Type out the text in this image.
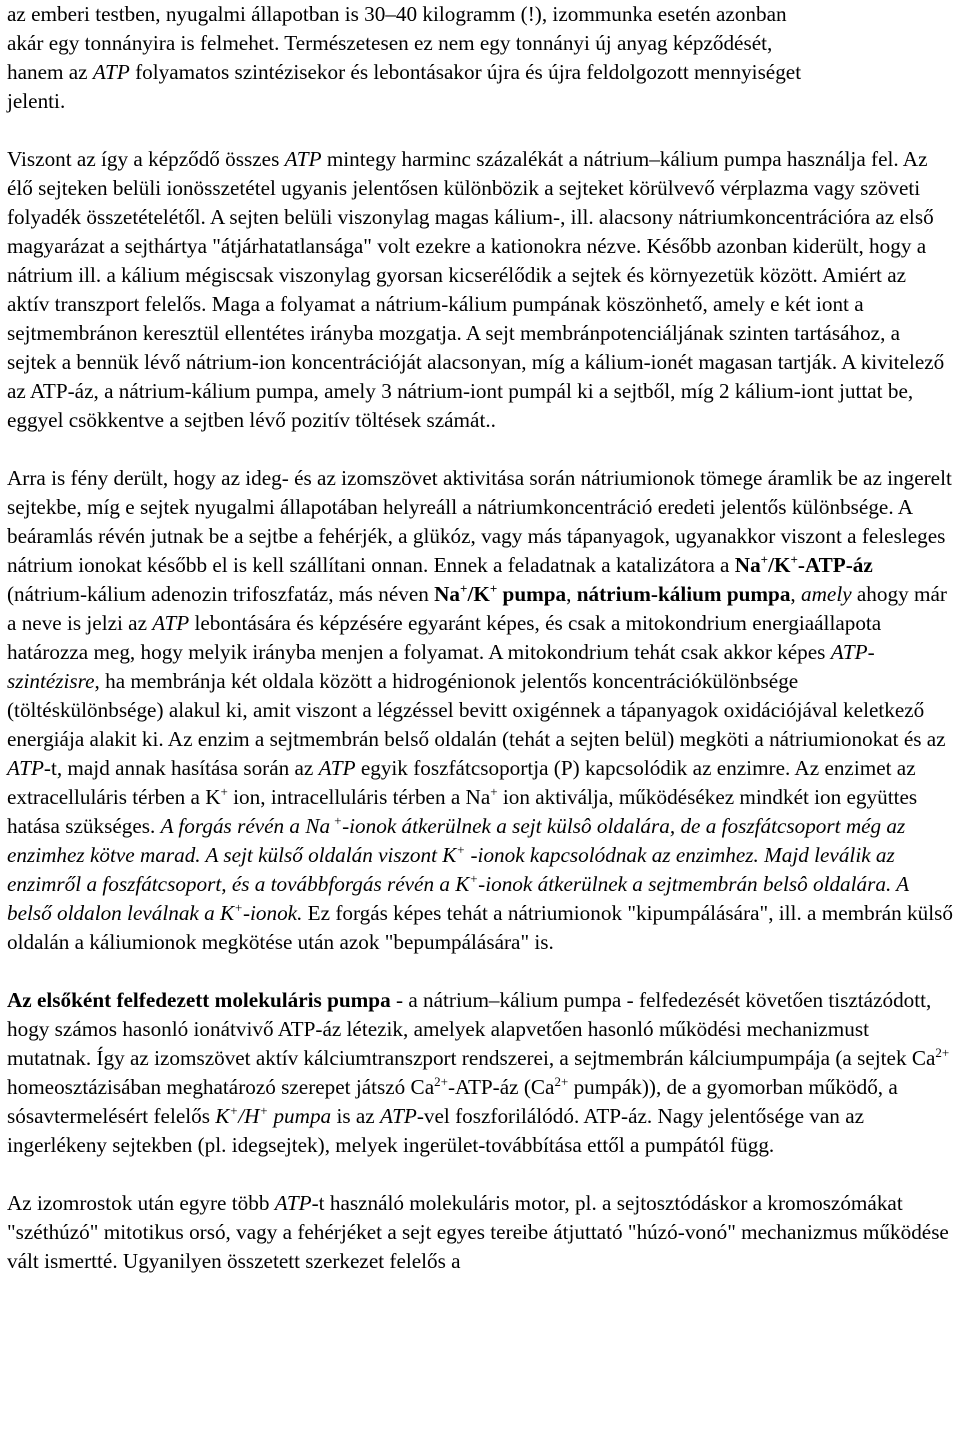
az emberi testben, nyugalmi állapotban is 30–40 kilogramm (!), izommunka esetén azonban
akár egy tonnányira is felmehet. Természetesen ez nem egy tonnányi új anyag képződését,
hanem az ATP folyamatos szintézisekor és lebontásakor újra és újra feldolgozott mennyiséget
jelenti.

Viszont az így a képződő összes ATP mintegy harminc százalékát a nátrium–kálium pumpa használja fel. Az élő sejteken belüli ionösszetétel ugyanis jelentősen különbözik a sejteket körülvevő vérplazma vagy szöveti folyadék összetételétől. A sejten belüli viszonylag magas kálium-, ill. alacsony nátriumkoncentrációra az első magyarázat a sejthártya "átjárhatatlansága" volt ezekre a kationokra nézve. Később azonban kiderült, hogy a nátrium ill. a kálium mégiscsak viszonylag gyorsan kicserélődik a sejtek és környezetük között. Amiért az aktív transzport felelős. Maga a folyamat a nátrium-kálium pumpának köszönhető, amely e két iont a sejtmembránon keresztül ellentétes irányba mozgatja. A sejt membránpotenciáljának szinten tartásához, a sejtek a bennük lévő nátrium-ion koncentrációját alacsonyan, míg a kálium-ionét magasan tartják. A kivitelező az ATP-áz, a nátrium-kálium pumpa, amely 3 nátrium-iont pumpál ki a sejtből, míg 2 kálium-iont juttat be, eggyel csökkentve a sejtben lévő pozitív töltések számát..

Arra is fény derült, hogy az ideg- és az izomszövet aktivitása során nátriumionok tömege áramlik be az ingerelt sejtekbe, míg e sejtek nyugalmi állapotában helyreáll a nátriumkoncentráció eredeti jelentős különbsége. A beáramlás révén jutnak be a sejtbe a fehérjék, a glükóz, vagy más tápanyagok, ugyanakkor viszont a felesleges nátrium ionokat később el is kell szállítani onnan. Ennek a feladatnak a katalizátora a Na+/K+-ATP-áz (nátrium-kálium adenozin trifoszfatáz, más néven Na+/K+ pumpa, nátrium-kálium pumpa, amely ahogy már a neve is jelzi az ATP lebontására és képzésére egyaránt képes, és csak a mitokondrium energiaállapota határozza meg, hogy melyik irányba menjen a folyamat. A mitokondrium tehát csak akkor képes ATP-szintézisre, ha membránja két oldala között a hidrogénionok jelentős koncentrációkülönbsége (töltéskülönbsége) alakul ki, amit viszont a légzéssel bevitt oxigénnek a tápanyagok oxidációjával keletkező energiája alakit ki. Az enzim a sejtmembrán belső oldalán (tehát a sejten belül) megköti a nátriumionokat és az ATP-t, majd annak hasítása során az ATP egyik foszfátcsoportja (P) kapcsolódik az enzimre. Az enzimet az extracelluláris térben a K+ ion, intracelluláris térben a Na+ ion aktiválja, működésékez mindkét ion együttes hatása szükséges. A forgás révén a Na +-ionok átkerülnek a sejt külsô oldalára, de a foszfátcsoport még az enzimhez kötve marad. A sejt külső oldalán viszont K+ -ionok kapcsolódnak az enzimhez. Majd leválik az enzimről a foszfátcsoport, és a továbbforgás révén a K+-ionok átkerülnek a sejtmembrán belsô oldalára. A belső oldalon leválnak a K+-ionok. Ez forgás képes tehát a nátriumionok "kipumpálására", ill. a membrán külső oldalán a káliumionok megkötése után azok "bepumpálására" is.

Az elsőként felfedezett molekuláris pumpa - a nátrium–kálium pumpa - felfedezését követően tisztázódott, hogy számos hasonló ionátvivő ATP-áz létezik, amelyek alapvetően hasonló működési mechanizmust mutatnak. Így az izomszövet aktív kálciumtranszport rendszerei, a sejtmembrán kálciumpumpája (a sejtek $Ca^{2+}$ homeosztázisában meghatározó szerepet játszó $Ca^{2+}-ATP-áz$ ($Ca^{2+}$ pumpák)), de a gyomorban működő, a sósavtermelésért felelős K+/H+ pumpa is az ATP-vel foszforilálódó. ATP-áz. Nagy jelentősége van az ingerlékeny sejtekben (pl. idegsejtek), melyek ingerület-továbbítása ettől a pumpától függ.

Az izomrostok után egyre több ATP-t használó molekuláris motor, pl. a sejtosztódáskor a kromoszómákat "széthúzó" mitotikus orsó, vagy a fehérjéket a sejt egyes tereibe átjuttató "húzó-vonó" mechanizmus működése vált ismertté. Ugyanilyen összetett szerkezet felelős a
